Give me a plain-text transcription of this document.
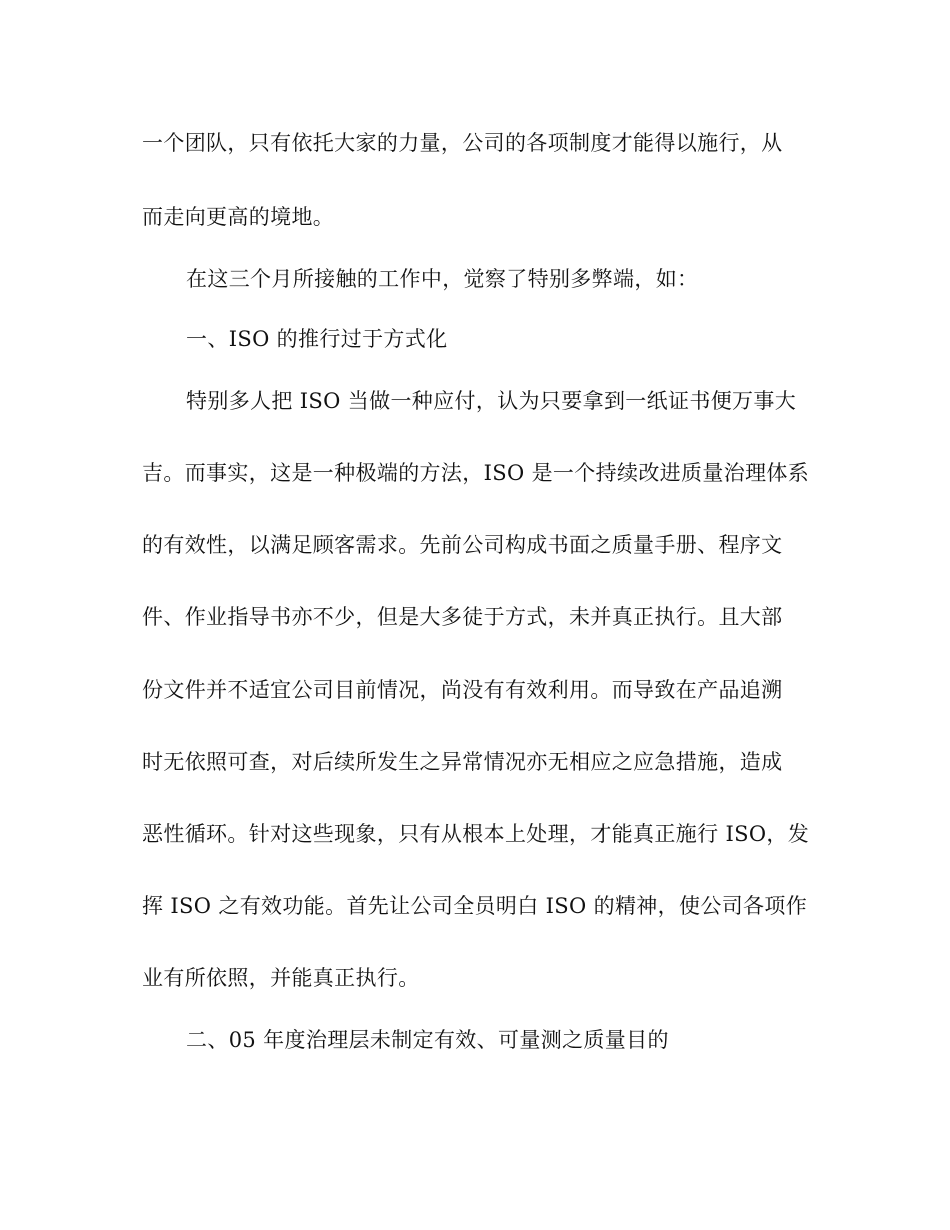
一个团队，只有依托大家的力量，公司的各项制度才能得以施行，从
而走向更高的境地。
在这三个月所接触的工作中，觉察了特别多弊端，如：
一、ISO 的推行过于方式化
特别多人把 ISO 当做一种应付，认为只要拿到一纸证书便万事大
吉。而事实，这是一种极端的方法，ISO 是一个持续改进质量治理体系
的有效性，以满足顾客需求。先前公司构成书面之质量手册、程序文
件、作业指导书亦不少，但是大多徒于方式，未并真正执行。且大部
份文件并不适宜公司目前情况，尚没有有效利用。而导致在产品追溯
时无依照可查，对后续所发生之异常情况亦无相应之应急措施，造成
恶性循环。针对这些现象，只有从根本上处理，才能真正施行 ISO，发
挥 ISO 之有效功能。首先让公司全员明白 ISO 的精神，使公司各项作
业有所依照，并能真正执行。
二、05 年度治理层未制定有效、可量测之质量目的
